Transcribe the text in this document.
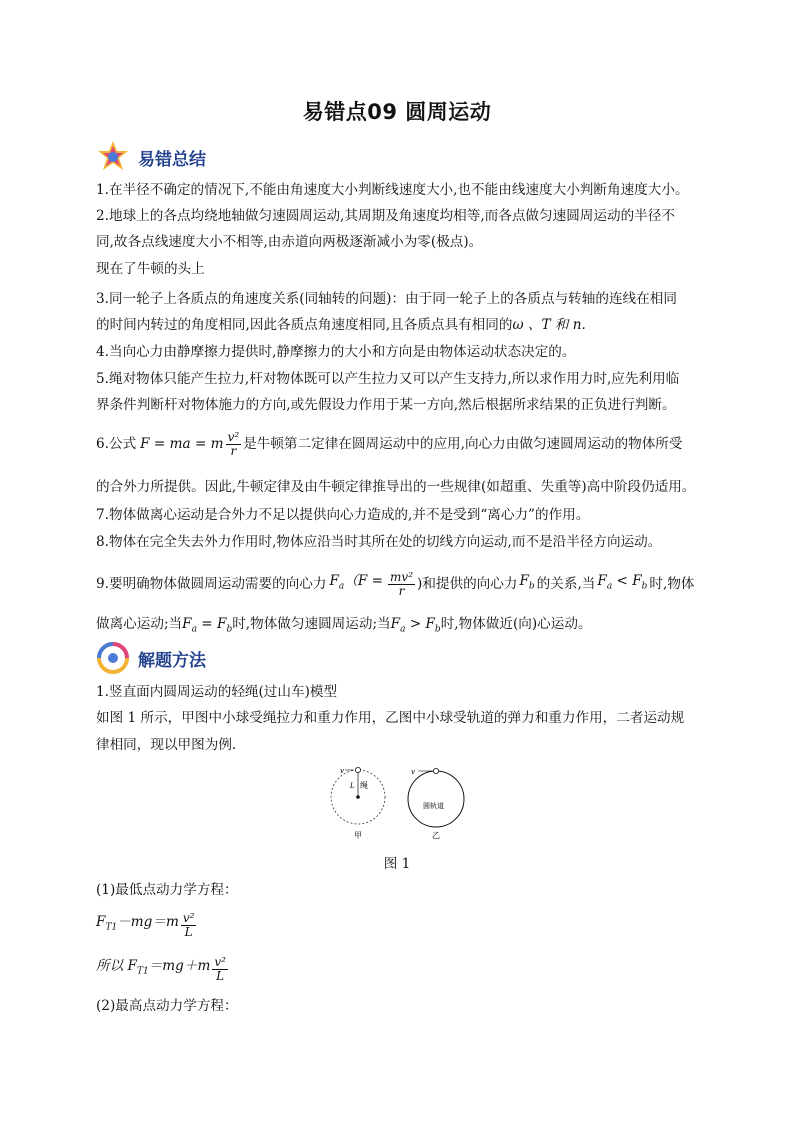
易错点09 圆周运动
易错总结
1.在半径不确定的情况下,不能由角速度大小判断线速度大小,也不能由线速度大小判断角速度大小。
2.地球上的各点均绕地轴做匀速圆周运动,其周期及角速度均相等,而各点做匀速圆周运动的半径不
同,故各点线速度大小不相等,由赤道向两极逐渐减小为零(极点)。
现在了牛顿的头上
3.同一轮子上各质点的角速度关系(同轴转的问题)：由于同一轮子上的各质点与转轴的连线在相同
的时间内转过的角度相同,因此各质点角速度相同,且各质点具有相同的ω 、T 和 n.
4.当向心力由静摩擦力提供时,静摩擦力的大小和方向是由物体运动状态决定的。
5.绳对物体只能产生拉力,杆对物体既可以产生拉力又可以产生支持力,所以求作用力时,应先利用临
界条件判断杆对物体施力的方向,或先假设力作用于某一方向,然后根据所求结果的正负进行判断。
6.公式 F = ma = m $\frac{\text{v²}}{r}$ 是牛顿第二定律在圆周运动中的应用,向心力由做匀速圆周运动的物体所受
的合外力所提供。因此,牛顿定律及由牛顿定律推导出的一些规律(如超重、失重等)高中阶段仍适用。
7.物体做离心运动是合外力不足以提供向心力造成的,并不是受到“离心力”的作用。
8.物体在完全失去外力作用时,物体应沿当时其所在处的切线方向运动,而不是沿半径方向运动。
9.要明确物体做圆周运动需要的向心力 $F_a(F = \frac{\text{mv²}}{r}$ ) 和提供的向心力 $F_b$ 的关系,当 $F_a < F_b$ 时,物体
做离心运动;当$F_a = F_b$时,物体做匀速圆周运动;当$F_a > F_b$时,物体做近(向)心运动。
解题方法
1.竖直面内圆周运动的轻绳(过山车)模型
如图 1 所示，甲图中小球受绳拉力和重力作用，乙图中小球受轨道的弹力和重力作用，二者运动规
律相同，现以甲图为例.
v
L 绳
甲
v
圆轨道
乙
图 1
(1)最低点动力学方程：
$F_{T1}-mg=m \frac{\text{v²}}{L}$
所以 $F_{T1}=mg+m \frac{\text{v²}}{L}$
(2)最高点动力学方程：
